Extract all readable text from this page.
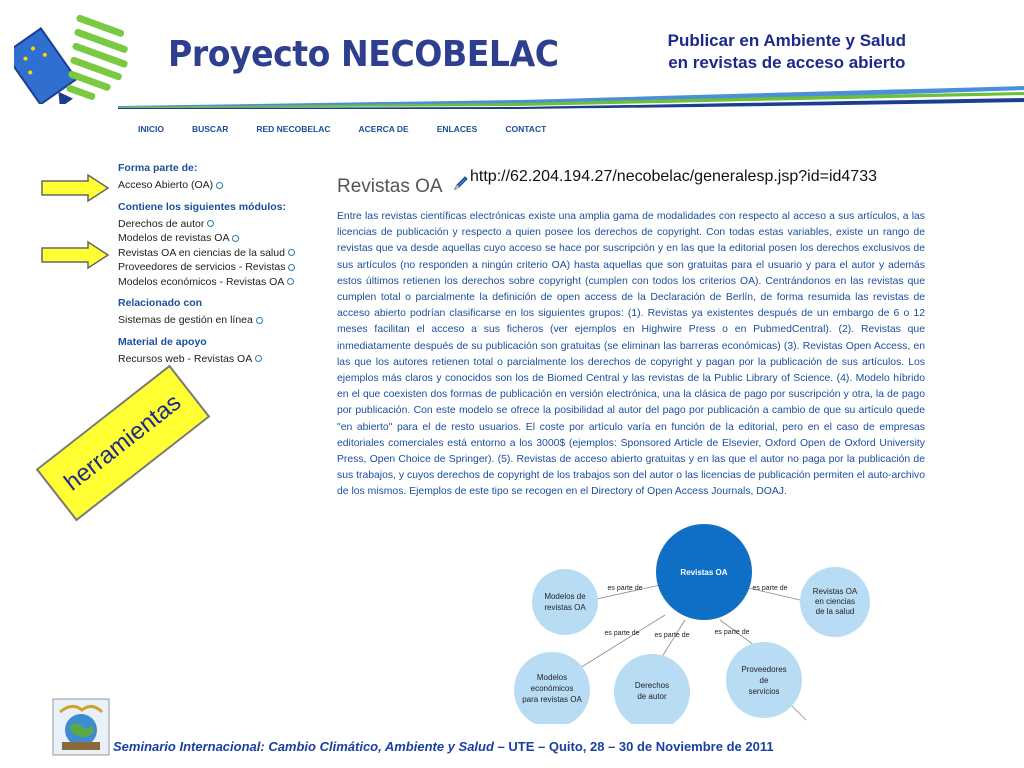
Proyecto NECOBELAC	Publicar en Ambiente y Salud
en revistas de acceso abierto
INICIO	BUSCAR	RED NECOBELAC	ACERCA DE	ENLACES	CONTACT
Forma parte de:
Acceso Abierto (OA)
Contiene los siguientes módulos:
Derechos de autor
Modelos de revistas OA
Revistas OA en ciencias de la salud
Proveedores de servicios - Revistas
Modelos económicos - Revistas OA
Relacionado con
Sistemas de gestión en línea
Material de apoyo
Recursos web - Revistas OA
herramientas
Revistas OA http://62.204.194.27/necobelac/generalesp.jsp?id=id4733
Entre las revistas científicas electrónicas existe una amplia gama de modalidades con respecto al acceso a sus artículos, a las licencias de publicación y respecto a quien posee los derechos de copyright. Con todas estas variables, existe un rango de revistas que va desde aquellas cuyo acceso se hace por suscripción y en las que la editorial posen los derechos exclusivos de sus artículos (no responden a ningún criterio OA) hasta aquellas que son gratuitas para el usuario y para el autor y además estos últimos retienen los derechos sobre copyright (cumplen con todos los criterios OA). Centrándonos en las revistas que cumplen total o parcialmente la definición de open access de la Declaración de Berlín, de forma resumida las revistas de acceso abierto podrían clasificarse en los siguientes grupos: (1). Revistas ya existentes después de un embargo de 6 o 12 meses facilitan el acceso a sus ficheros (ver ejemplos en Highwire Press o en PubmedCentral). (2). Revistas que inmediatamente después de su publicación son gratuitas (se eliminan las barreras económicas) (3). Revistas Open Access, en las que los autores retienen total o parcialmente los derechos de copyright y pagan por la publicación de sus artículos. Los ejemplos más claros y conocidos son los de Biomed Central y las revistas de la Public Library of Science. (4). Modelo híbrido en el que coexisten dos formas de publicación en versión electrónica, una la clásica de pago por suscripción y otra, la de pago por publicación. Con este modelo se ofrece la posibilidad al autor del pago por publicación a cambio de que su artículo quede "en abierto" para el de resto usuarios. El coste por artículo varía en función de la editorial, pero en el caso de empresas editoriales comerciales está entorno a los 3000$ (ejemplos: Sponsored Article de Elsevier, Oxford Open de Oxford University Press, Open Choice de Springer). (5). Revistas de acceso abierto gratuitas y en las que el autor no paga por la publicación de sus trabajos, y cuyos derechos de copyright de los trabajos son del autor o las licencias de publicación permiten el auto-archivo de los mismos. Ejemplos de este tipo se recogen en el Directory of Open Access Journals, DOAJ.
es parte de	es parte de
es parte de es parte de	es parte de
Revistas OA
Modelos de
revistas OA
Revistas OA
en ciencias
de la salud
Modelos
económicos
para revistas OA
Derechos
de autor
Proveedores
de
servicios
Seminario Internacional: Cambio Climático, Ambiente y Salud – UTE – Quito, 28 – 30 de Noviembre de 2011
